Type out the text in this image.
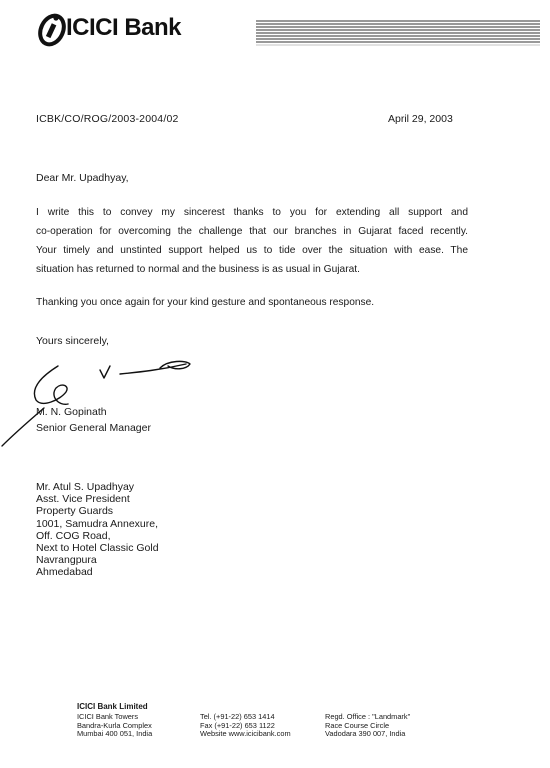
ICICI Bank
ICBK/CO/ROG/2003-2004/02	April 29, 2003
Dear Mr. Upadhyay,
I write this to convey my sincerest thanks to you for extending all support and
co-operation for overcoming the challenge that our branches in Gujarat faced recently.
Your timely and unstinted support helped us to tide over the situation with ease. The
situation has returned to normal and the business is as usual in Gujarat.
Thanking you once again for your kind gesture and spontaneous response.
Yours sincerely,
M. N. Gopinath
Senior General Manager
Mr. Atul S. Upadhyay
Asst. Vice President
Property Guards
1001, Samudra Annexure,
Off. COG Road,
Next to Hotel Classic Gold
Navrangpura
Ahmedabad
ICICI Bank Limited
ICICI Bank Towers
Bandra-Kurla Complex
Mumbai 400 051, India
Tel. (+91-22) 653 1414
Fax (+91-22) 653 1122
Website www.icicibank.com
Regd. Office : "Landmark"
Race Course Circle
Vadodara 390 007, India
